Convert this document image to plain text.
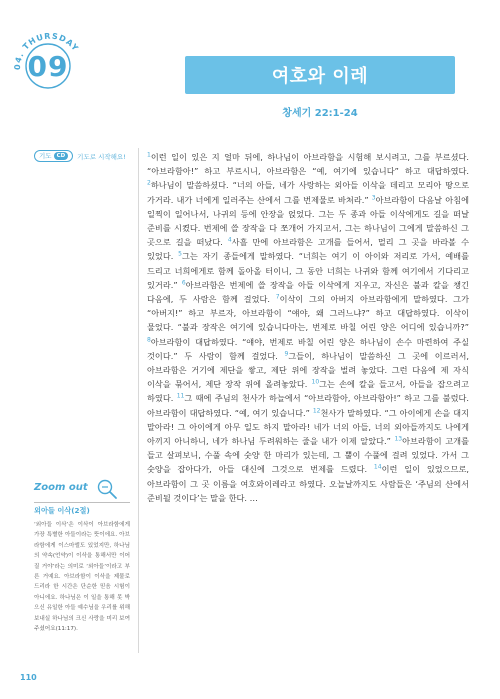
04. THURSDAY
09	여호와 이레
창세기 22:1-24
기도 CD	기도로 시작해요!	$^1$이런 일이 있은 지 얼마 뒤에, 하나님이 아브라함을 시험해 보시려고, 그를 부르셨다. “아브라함아!” 하고 부르시니, 아브라함은 “예, 여기에 있습니다” 하고 대답하였다. $^2$하나님이 말씀하셨다. “너의 아들, 네가 사랑하는 외아들 이삭을 데리고 모리아 땅으로 가거라. 내가 너에게 일러주는 산에서 그를 번제물로 바쳐라.” $^3$아브라함이 다음날 아침에 일찍이 일어나서, 나귀의 등에 안장을 얹었다. 그는 두 종과 아들 이삭에게도 길을 떠날 준비를 시켰다. 번제에 쓸 장작을 다 쪼개어 가지고서, 그는 하나님이 그에게 말씀하신 그 곳으로 길을 떠났다. $^4$사흘 만에 아브라함은 고개를 들어서, 멀리 그 곳을 바라볼 수 있었다. $^5$그는 자기 종들에게 말하였다. “너희는 여기 이 아이와 저리로 가서, 예배를 드리고 너희에게로 함께 돌아올 터이니, 그 동안 너희는 나귀와 함께 여기에서 기다리고 있거라.” $^6$아브라함은 번제에 쓸 장작을 아들 이삭에게 지우고, 자신은 불과 칼을 챙긴 다음에, 두 사람은 함께 걸었다. $^7$이삭이 그의 아버지 아브라함에게 말하였다. 그가 “아버지!” 하고 부르자, 아브라함이 “얘야, 왜 그러느냐?” 하고 대답하였다. 이삭이 물었다. “불과 장작은 여기에 있습니다마는, 번제로 바칠 어린 양은 어디에 있습니까?” $^8$아브라함이 대답하였다. “얘야, 번제로 바칠 어린 양은 하나님이 손수 마련하여 주실 것이다.” 두 사람이 함께 걸었다. $^9$그들이, 하나님이 말씀하신 그 곳에 이르러서, 아브라함은 거기에 제단을 쌓고, 제단 위에 장작을 벌려 놓았다. 그런 다음에 제 자식 이삭을 묶어서, 제단 장작 위에 올려놓았다. $^{10}$그는 손에 칼을 들고서, 아들을 잡으려고 하였다. $^{11}$그 때에 주님의 천사가 하늘에서 “아브라함아, 아브라함아!” 하고 그를 불렀다. 아브라함이 대답하였다. “예, 여기 있습니다.” $^{12}$천사가 말하였다. “그 아이에게 손을 대지 말아라! 그 아이에게 아무 일도 하지 말아라! 네가 너의 아들, 너의 외아들까지도 나에게 아끼지 아니하니, 네가 하나님 두려워하는 줄을 내가 이제 알았다.” $^{13}$아브라함이 고개를 들고 살펴보니, 수풀 속에 숫양 한 마리가 있는데, 그 뿔이 수풀에 걸려 있었다. 가서 그 숫양을 잡아다가, 아들 대신에 그것으로 번제를 드렸다. $^{14}$이런 일이 있었으므로, 아브라함이 그 곳 이름을 여호와이레라고 하였다. 오늘날까지도 사람들은 ‘주님의 산에서 준비될 것이다’는 말을 한다. …
Zoom out
외아들 이삭(2절)
‘외아들 이삭’은 이삭이 아브라함에게 가장 특별한 아들이라는 뜻이에요. 아브라함에게 이스마엘도 있었지만, 하나님의 약속(언약)이 이삭을 통해서만 이어질 거야’라는 의미로 ‘외아들’이라고 부른 거예요. 아브라함이 이삭을 제물로 드리라 한 시간은 단순한 믿음 시험이 아니에요. 하나님은 이 일을 통해 못 박으신 유일한 아들 예수님을 우리를 위해 보내실 하나님의 크신 사랑을 미리 보여 주셨어요(11:17).
110
